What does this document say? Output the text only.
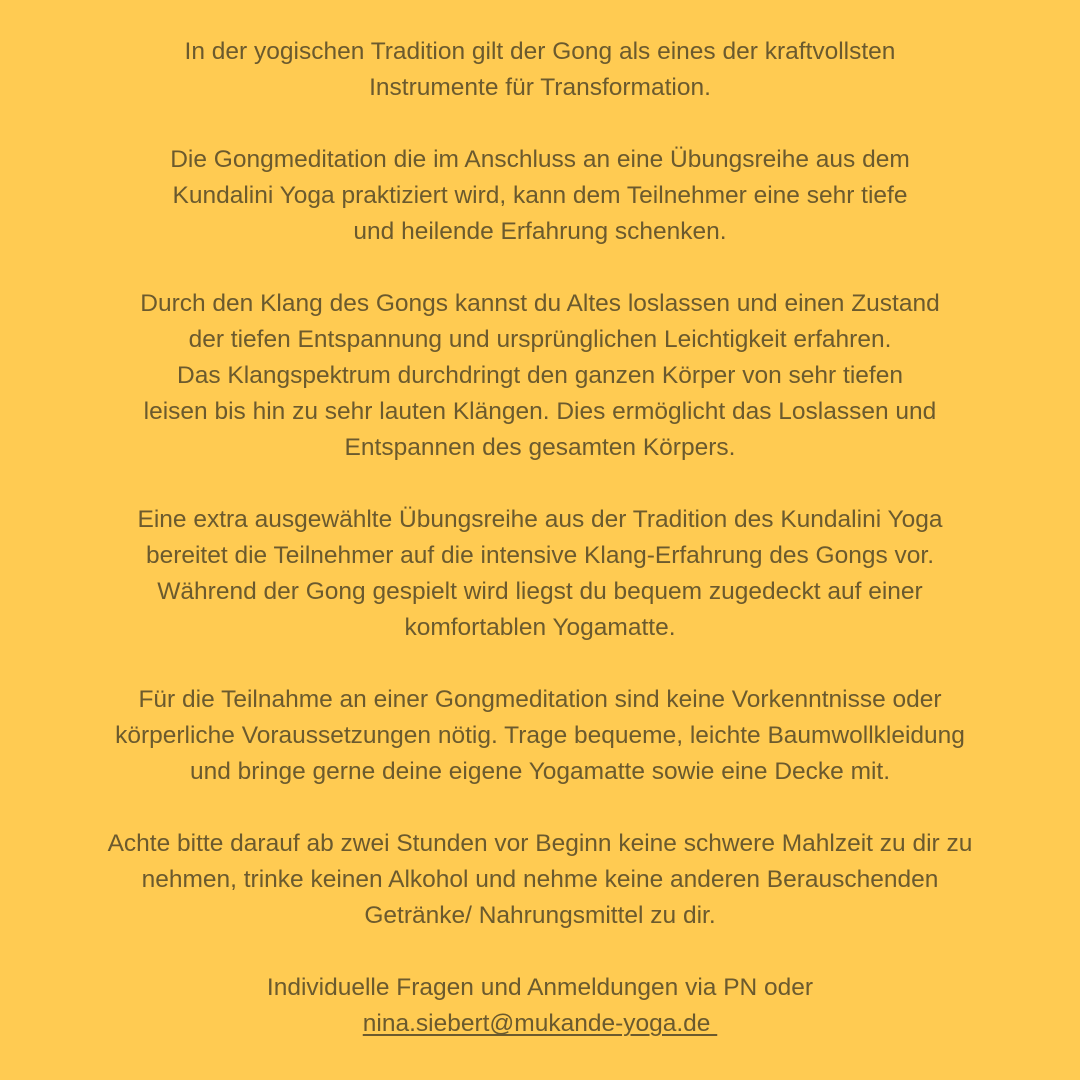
In der yogischen Tradition gilt der Gong als eines der kraftvollsten
Instrumente für Transformation.

Die Gongmeditation die im Anschluss an eine Übungsreihe aus dem
Kundalini Yoga praktiziert wird, kann dem Teilnehmer eine sehr tiefe
und heilende Erfahrung schenken.

Durch den Klang des Gongs kannst du Altes loslassen und einen Zustand
der tiefen Entspannung und ursprünglichen Leichtigkeit erfahren.
Das Klangspektrum durchdringt den ganzen Körper von sehr tiefen
leisen bis hin zu sehr lauten Klängen. Dies ermöglicht das Loslassen und
Entspannen des gesamten Körpers.

Eine extra ausgewählte Übungsreihe aus der Tradition des Kundalini Yoga
bereitet die Teilnehmer auf die intensive Klang-Erfahrung des Gongs vor.
Während der Gong gespielt wird liegst du bequem zugedeckt auf einer
komfortablen Yogamatte.

Für die Teilnahme an einer Gongmeditation sind keine Vorkenntnisse oder
körperliche Voraussetzungen nötig. Trage bequeme, leichte Baumwollkleidung
und bringe gerne deine eigene Yogamatte sowie eine Decke mit.

Achte bitte darauf ab zwei Stunden vor Beginn keine schwere Mahlzeit zu dir zu
nehmen, trinke keinen Alkohol und nehme keine anderen Berauschenden
Getränke/ Nahrungsmittel zu dir.

Individuelle Fragen und Anmeldungen via PN oder
nina.siebert@mukande-yoga.de
